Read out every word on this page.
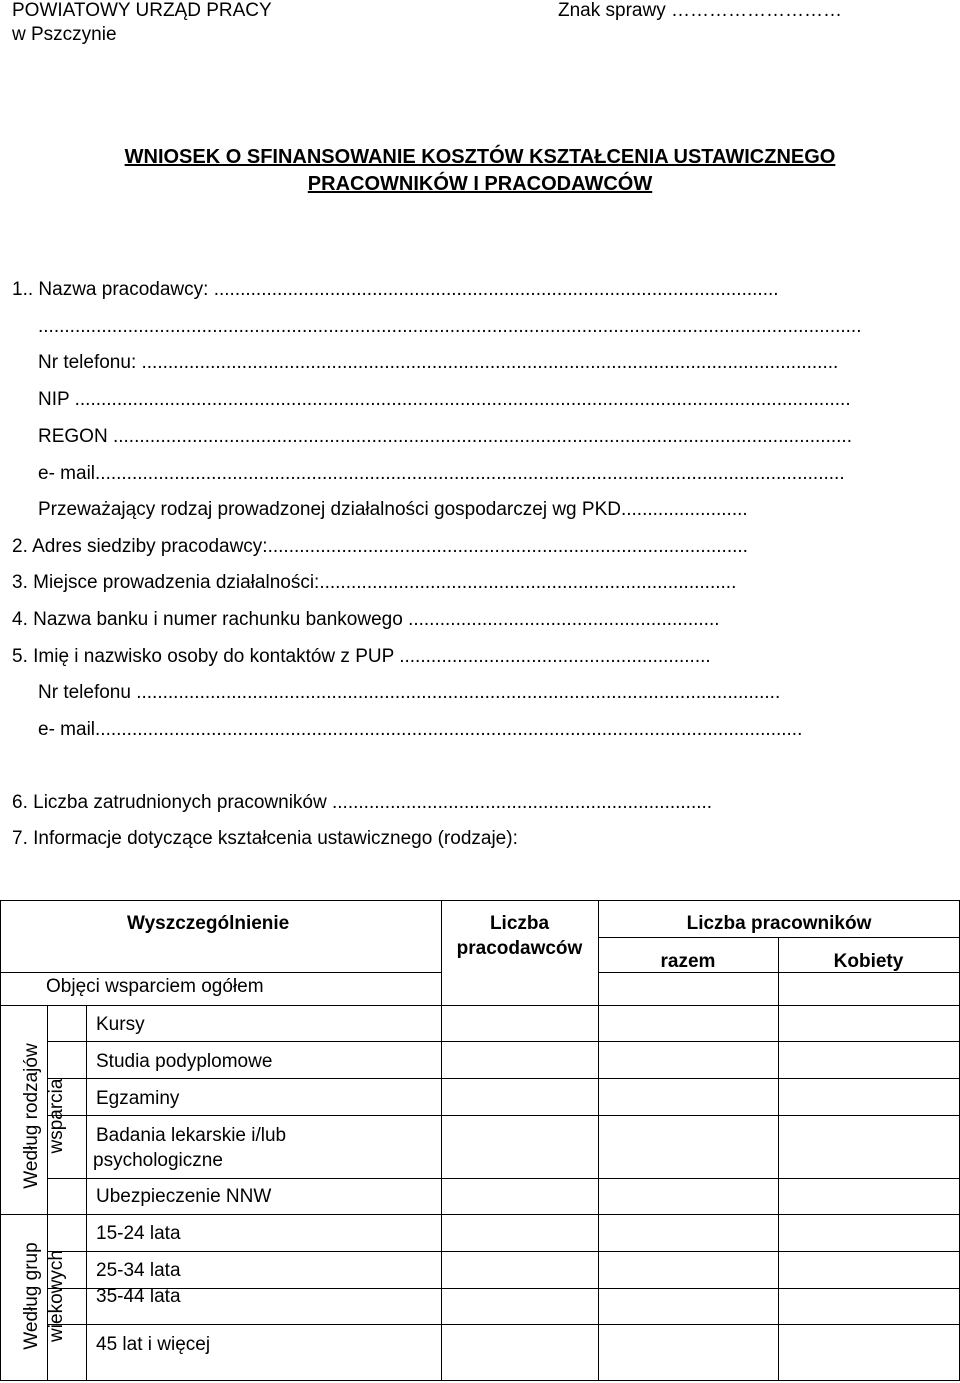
POWIATOWY URZĄD PRACY
w Pszczynie
Znak sprawy ………………………
WNIOSEK O SFINANSOWANIE KOSZTÓW KSZTAŁCENIA USTAWICZNEGO
PRACOWNIKÓW I PRACODAWCÓW
1.. Nazwa pracodawcy: ...........................................................................................................
............................................................................................................................................................
Nr telefonu: ....................................................................................................................................
NIP ...................................................................................................................................................
REGON ............................................................................................................................................
e- mail..............................................................................................................................................
Przeważający rodzaj prowadzonej działalności gospodarczej wg PKD........................
2. Adres siedziby pracodawcy:...........................................................................................
3. Miejsce prowadzenia działalności:...............................................................................
4. Nazwa banku i numer rachunku bankowego ...........................................................
5. Imię i nazwisko osoby do kontaktów z PUP ...........................................................
Nr telefonu ..........................................................................................................................
e- mail......................................................................................................................................
6. Liczba zatrudnionych pracowników ........................................................................
7. Informacje dotyczące kształcenia ustawicznego (rodzaje):
Wyszczególnienie	Liczba
pracodawców
Liczba pracowników
razem	Kobiety
Objęci wsparciem ogółem
Według rodzajów wsparcia
Według grup wiekowych
Kursy
Studia podyplomowe
Egzaminy
Badania lekarskie i/lub
psychologiczne
Ubezpieczenie NNW
15-24 lata
25-34 lata
35-44 lata
45 lat i więcej
